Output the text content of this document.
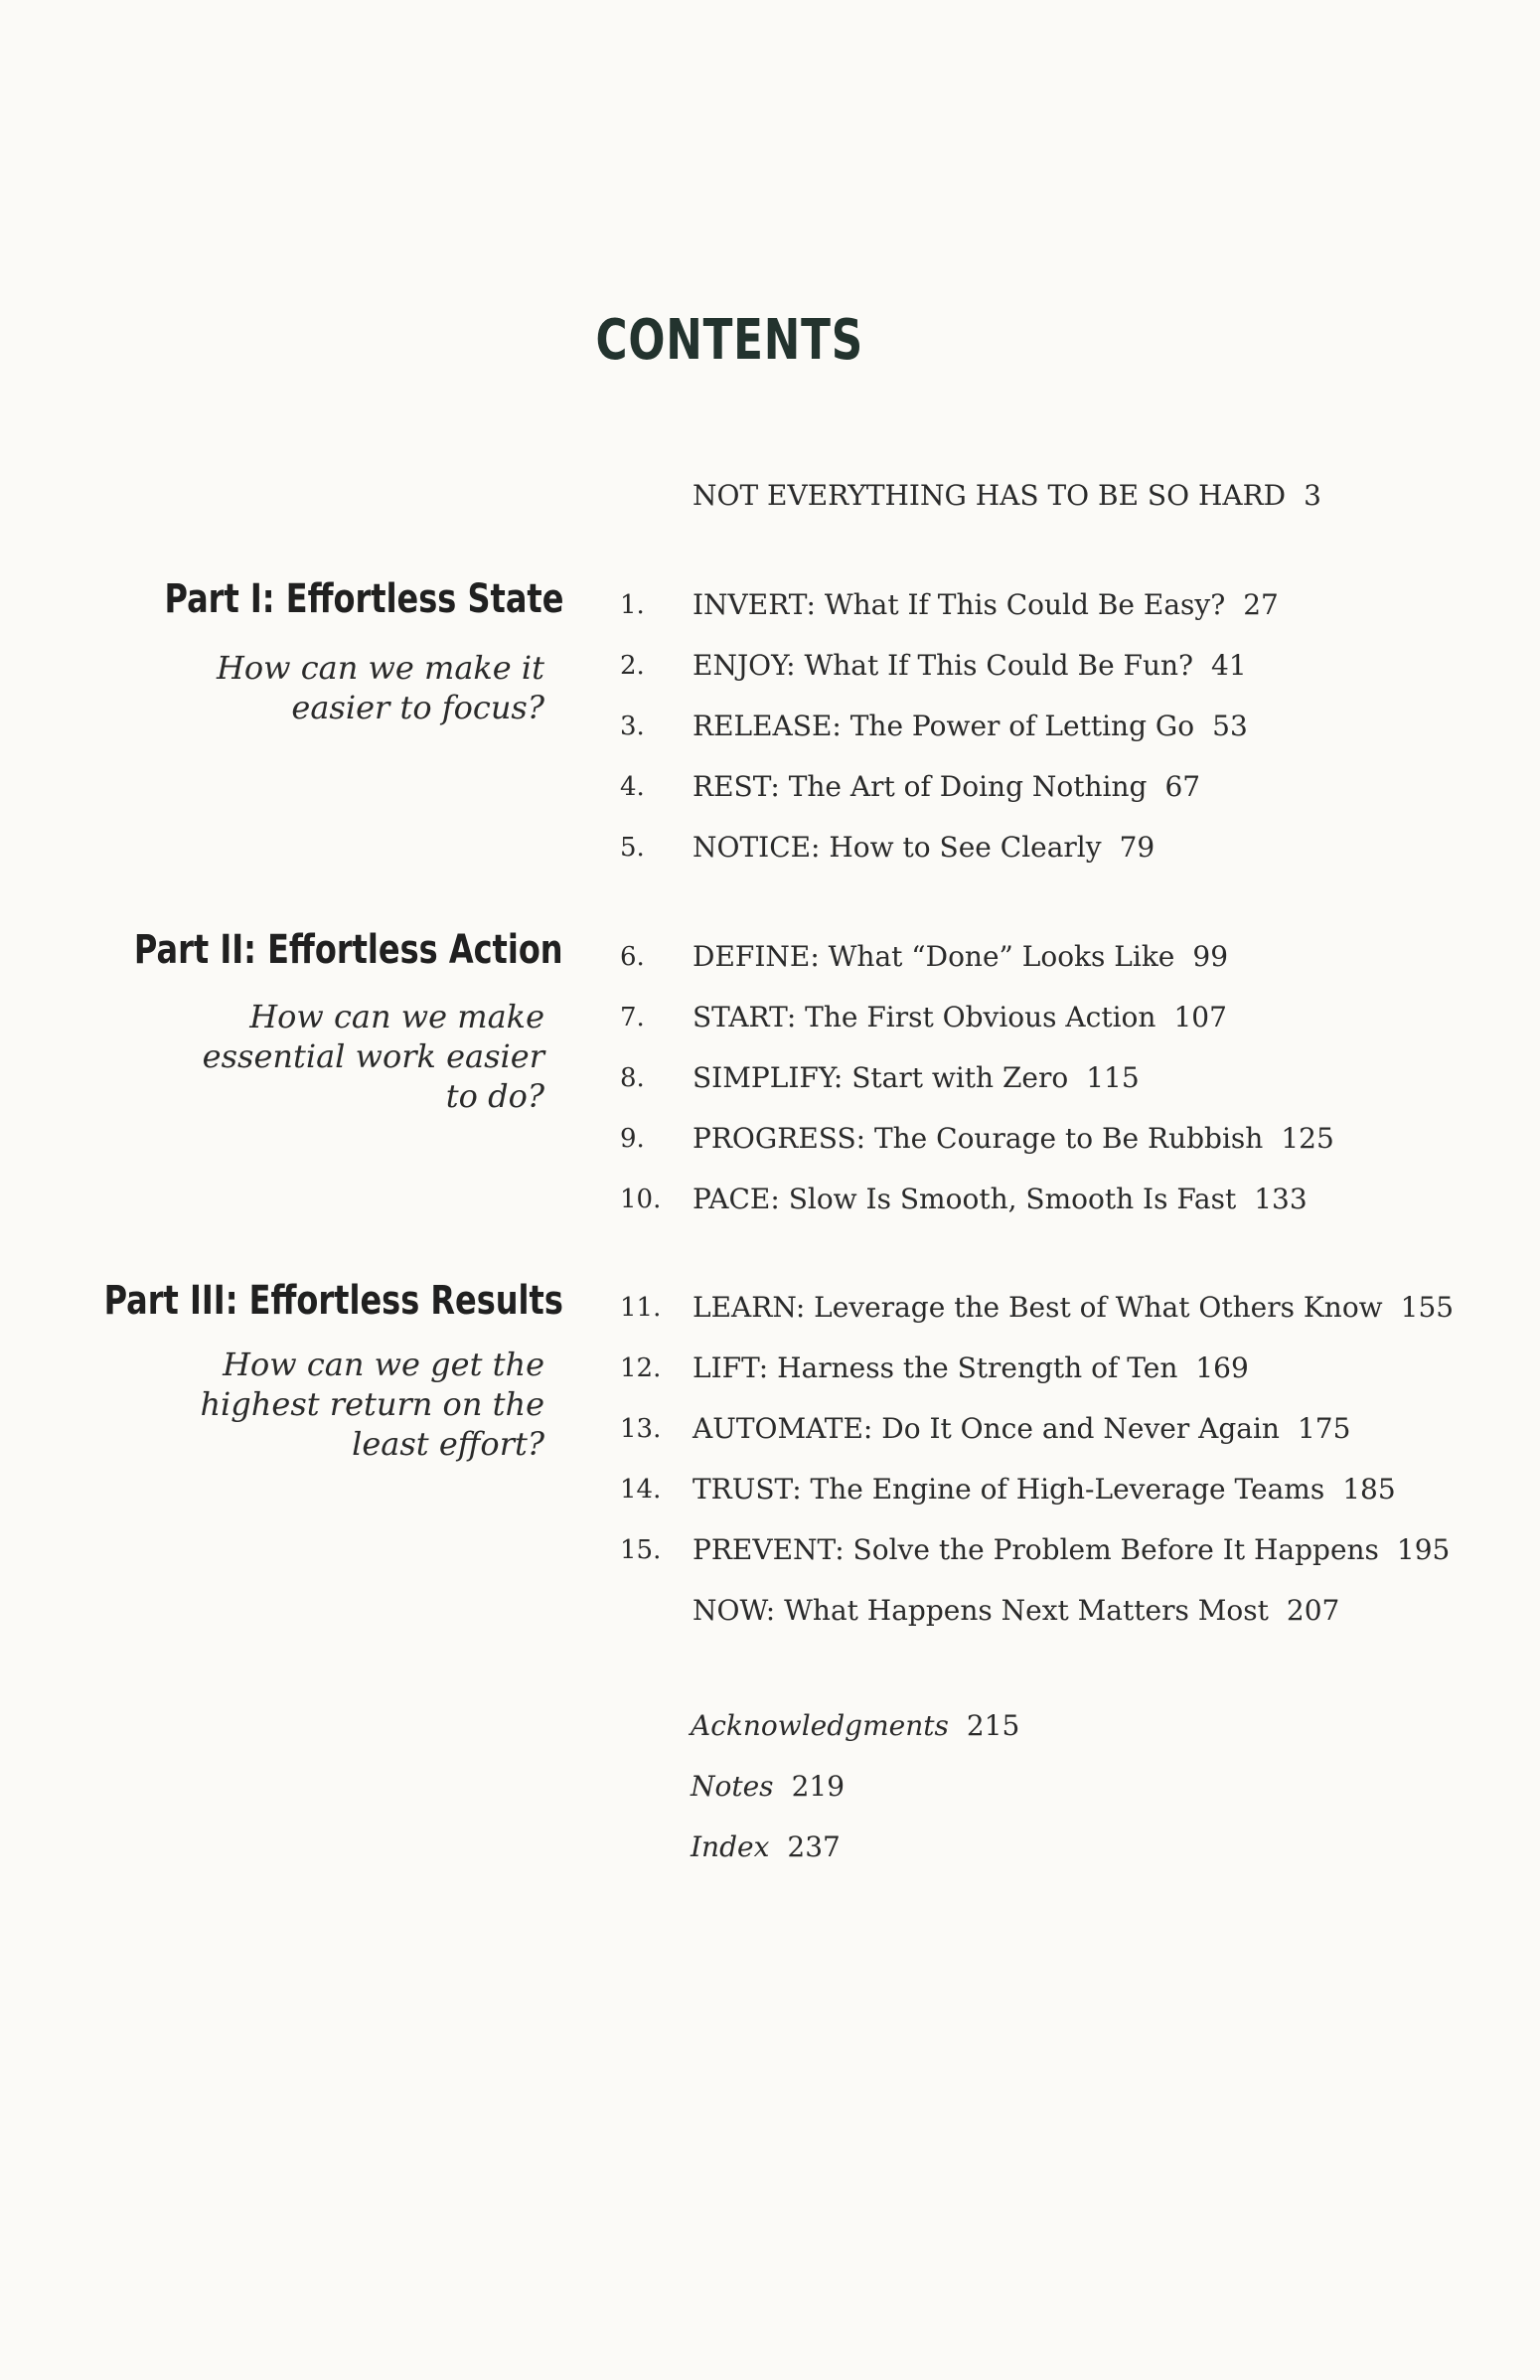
CONTENTS
NOT EVERYTHING HAS TO BE SO HARD 3
Part I: Effortless State
How can we make it easier to focus?
Part II: Effortless Action
How can we make essential work easier to do?
Part III: Effortless Results
How can we get the highest return on the least effort?
1. INVERT: What If This Could Be Easy? 27
2. ENJOY: What If This Could Be Fun? 41
3. RELEASE: The Power of Letting Go 53
4. REST: The Art of Doing Nothing 67
5. NOTICE: How to See Clearly 79
6. DEFINE: What “Done” Looks Like 99
7. START: The First Obvious Action 107
8. SIMPLIFY: Start with Zero 115
9. PROGRESS: The Courage to Be Rubbish 125
10. PACE: Slow Is Smooth, Smooth Is Fast 133
11. LEARN: Leverage the Best of What Others Know 155
12. LIFT: Harness the Strength of Ten 169
13. AUTOMATE: Do It Once and Never Again 175
14. TRUST: The Engine of High-Leverage Teams 185
15. PREVENT: Solve the Problem Before It Happens 195
NOW: What Happens Next Matters Most 207
Acknowledgments 215
Notes 219
Index 237
